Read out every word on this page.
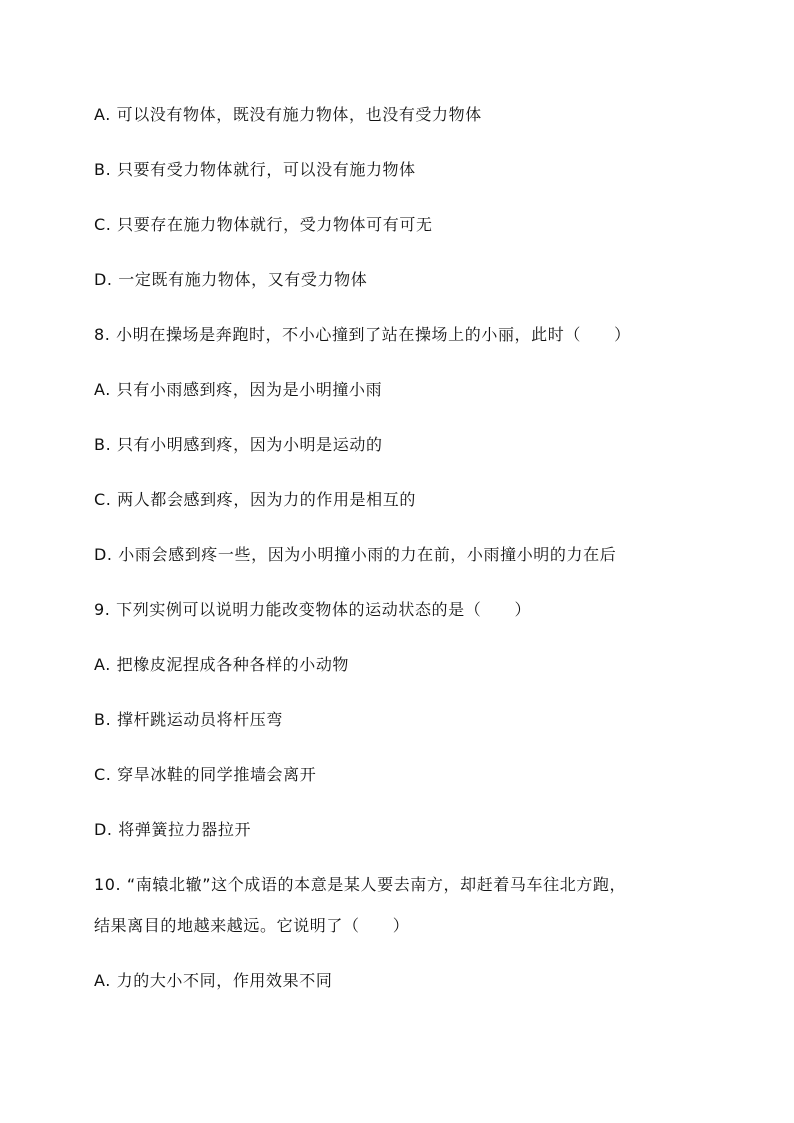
A. 可以没有物体，既没有施力物体，也没有受力物体
B. 只要有受力物体就行，可以没有施力物体
C. 只要存在施力物体就行，受力物体可有可无
D. 一定既有施力物体，又有受力物体
8. 小明在操场是奔跑时，不小心撞到了站在操场上的小丽，此时（　　）
A. 只有小雨感到疼，因为是小明撞小雨
B. 只有小明感到疼，因为小明是运动的
C. 两人都会感到疼，因为力的作用是相互的
D. 小雨会感到疼一些，因为小明撞小雨的力在前，小雨撞小明的力在后
9. 下列实例可以说明力能改变物体的运动状态的是（　　）
A. 把橡皮泥捏成各种各样的小动物
B. 撑杆跳运动员将杆压弯
C. 穿旱冰鞋的同学推墙会离开
D. 将弹簧拉力器拉开
10. “南辕北辙”这个成语的本意是某人要去南方，却赶着马车往北方跑，
结果离目的地越来越远。它说明了（　　）
A. 力的大小不同，作用效果不同
